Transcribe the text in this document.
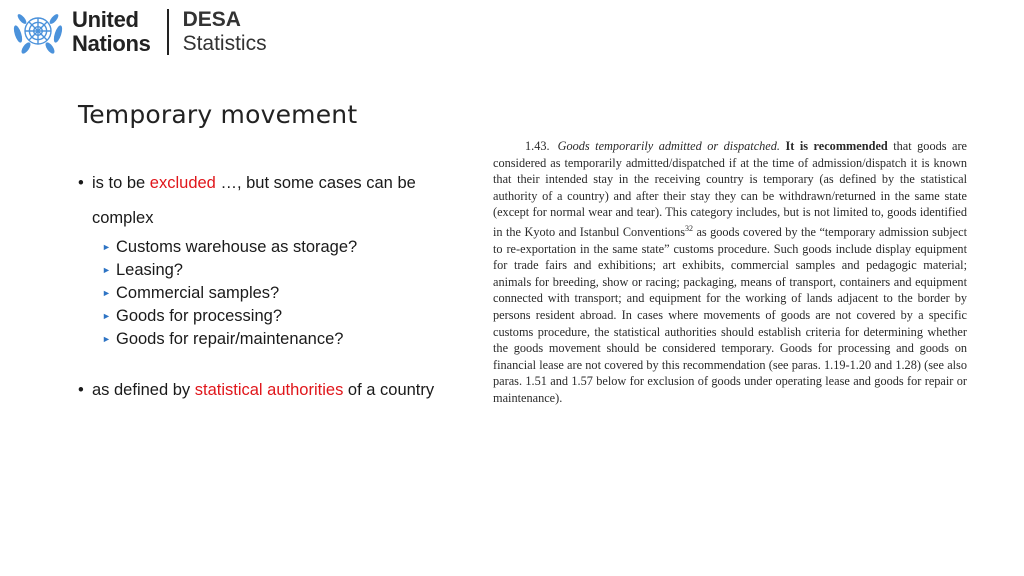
United
Nations
DESA
Statistics
Temporary movement
• is to be excluded …, but some cases can be complex
► Customs warehouse as storage?
► Leasing?
► Commercial samples?
► Goods for processing?
► Goods for repair/maintenance?
• as defined by statistical authorities of a country
1.43. Goods temporarily admitted or dispatched. It is recommended that goods are considered as temporarily admitted/dispatched if at the time of admission/dispatch it is known that their intended stay in the receiving country is temporary (as defined by the statistical authority of a country) and after their stay they can be withdrawn/returned in the same state (except for normal wear and tear). This category includes, but is not limited to, goods identified in the Kyoto and Istanbul Conventions$^{32}$ as goods covered by the “temporary admission subject to re-exportation in the same state” customs procedure. Such goods include display equipment for trade fairs and exhibitions; art exhibits, commercial samples and pedagogic material; animals for breeding, show or racing; packaging, means of transport, containers and equipment connected with transport; and equipment for the working of lands adjacent to the border by persons resident abroad. In cases where movements of goods are not covered by a specific customs procedure, the statistical authorities should establish criteria for determining whether the goods movement should be considered temporary. Goods for processing and goods on financial lease are not covered by this recommendation (see paras. 1.19-1.20 and 1.28) (see also paras. 1.51 and 1.57 below for exclusion of goods under operating lease and goods for repair or maintenance).
